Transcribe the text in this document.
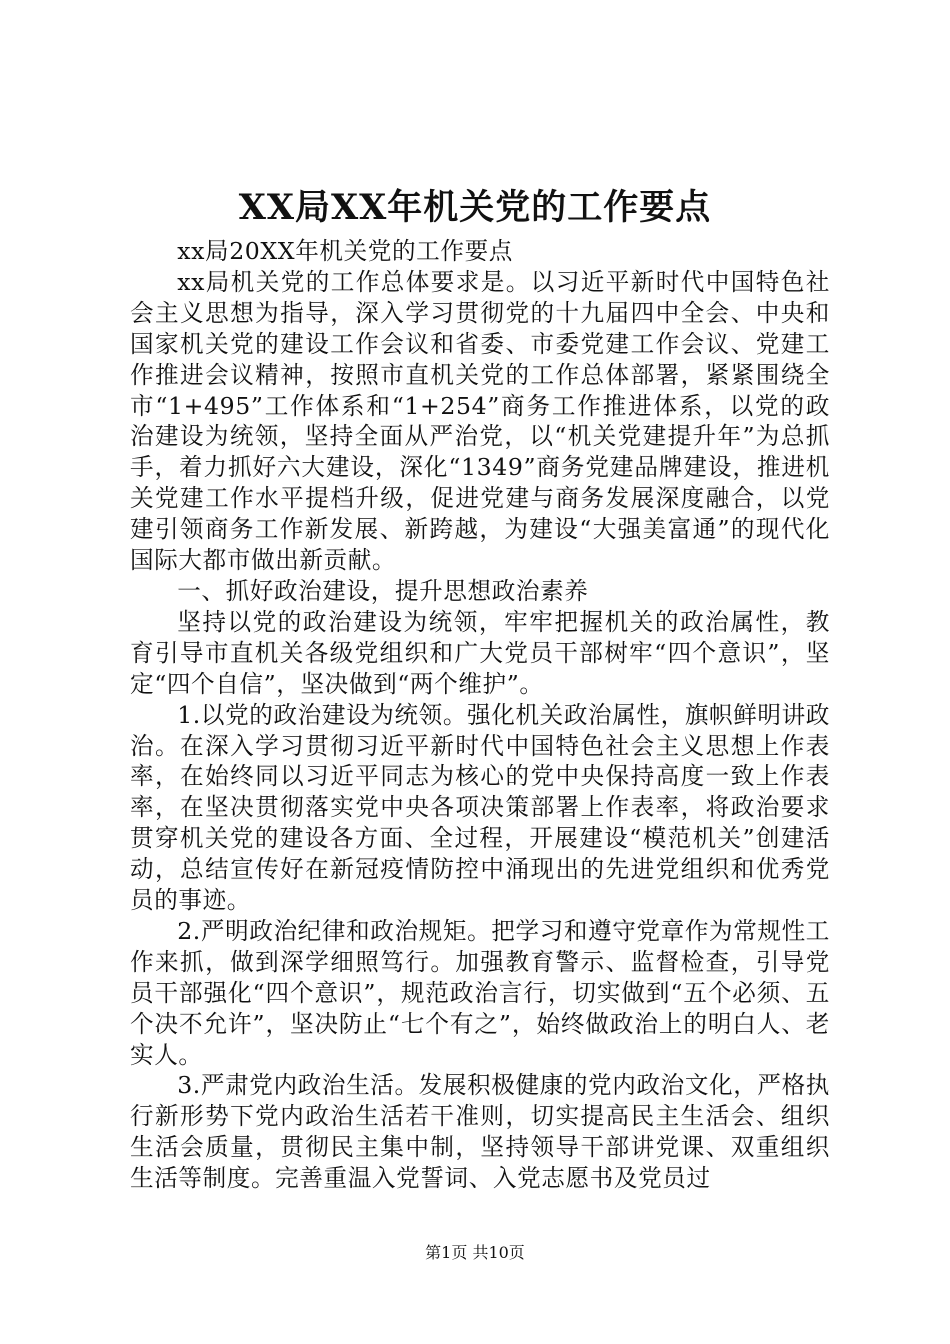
XX局XX年机关党的工作要点

xx局20XX年机关党的工作要点

xx局机关党的工作总体要求是。以习近平新时代中国特色社会主义思想为指导，深入学习贯彻党的十九届四中全会、中央和国家机关党的建设工作会议和省委、市委党建工作会议、党建工作推进会议精神，按照市直机关党的工作总体部署，紧紧围绕全市“1+495”工作体系和“1+254”商务工作推进体系，以党的政治建设为统领，坚持全面从严治党，以“机关党建提升年”为总抓手，着力抓好六大建设，深化“1349”商务党建品牌建设，推进机关党建工作水平提档升级，促进党建与商务发展深度融合，以党建引领商务工作新发展、新跨越，为建设“大强美富通”的现代化国际大都市做出新贡献。

一、抓好政治建设，提升思想政治素养

坚持以党的政治建设为统领，牢牢把握机关的政治属性，教育引导市直机关各级党组织和广大党员干部树牢“四个意识”，坚定“四个自信”，坚决做到“两个维护”。

1.以党的政治建设为统领。强化机关政治属性，旗帜鲜明讲政治。在深入学习贯彻习近平新时代中国特色社会主义思想上作表率，在始终同以习近平同志为核心的党中央保持高度一致上作表率，在坚决贯彻落实党中央各项决策部署上作表率，将政治要求贯穿机关党的建设各方面、全过程，开展建设“模范机关”创建活动，总结宣传好在新冠疫情防控中涌现出的先进党组织和优秀党员的事迹。

2.严明政治纪律和政治规矩。把学习和遵守党章作为常规性工作来抓，做到深学细照笃行。加强教育警示、监督检查，引导党员干部强化“四个意识”，规范政治言行，切实做到“五个必须、五个决不允许”，坚决防止“七个有之”，始终做政治上的明白人、老实人。

3.严肃党内政治生活。发展积极健康的党内政治文化，严格执行新形势下党内政治生活若干准则，切实提高民主生活会、组织生活会质量，贯彻民主集中制，坚持领导干部讲党课、双重组织生活等制度。完善重温入党誓词、入党志愿书及党员过

第1页 共10页
